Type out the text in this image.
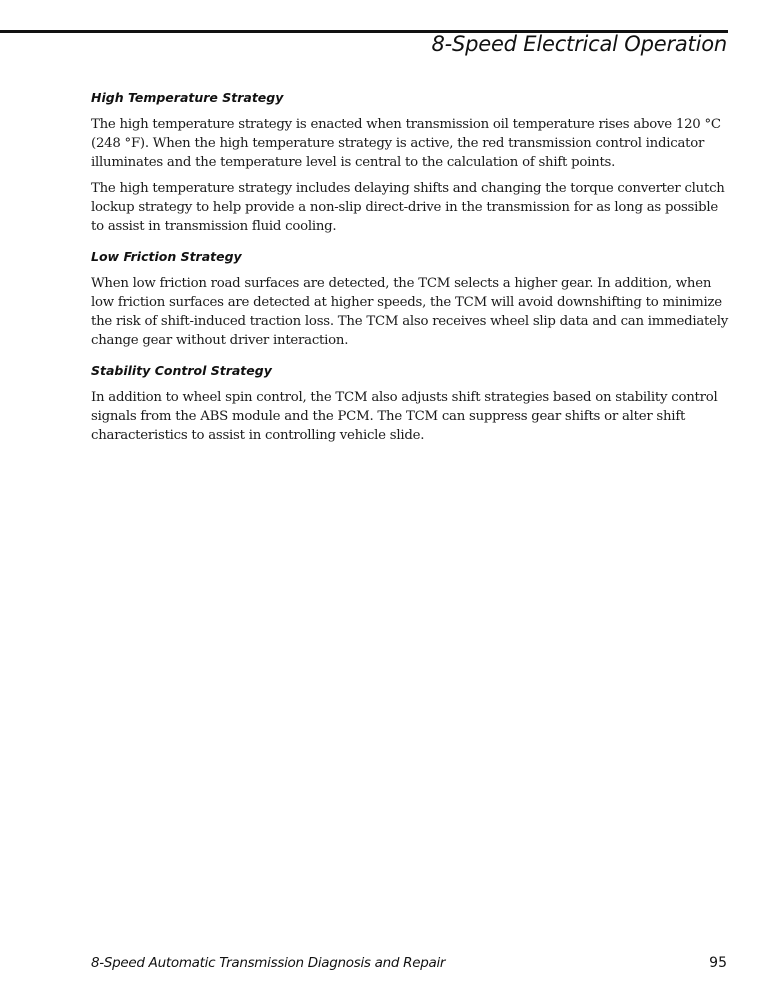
8-Speed Electrical Operation
High Temperature Strategy

The high temperature strategy is enacted when transmission oil temperature rises above 120 °C (248 °F). When the high temperature strategy is active, the red transmission control indicator illuminates and the temperature level is central to the calculation of shift points.

The high temperature strategy includes delaying shifts and changing the torque converter clutch lockup strategy to help provide a non-slip direct-drive in the transmission for as long as possible to assist in transmission fluid cooling.

Low Friction Strategy

When low friction road surfaces are detected, the TCM selects a higher gear. In addition, when low friction surfaces are detected at higher speeds, the TCM will avoid downshifting to minimize the risk of shift-induced traction loss. The TCM also receives wheel slip data and can immediately change gear without driver interaction.

Stability Control Strategy

In addition to wheel spin control, the TCM also adjusts shift strategies based on stability control signals from the ABS module and the PCM. The TCM can suppress gear shifts or alter shift characteristics to assist in controlling vehicle slide.

8-Speed Automatic Transmission Diagnosis and Repair	95
